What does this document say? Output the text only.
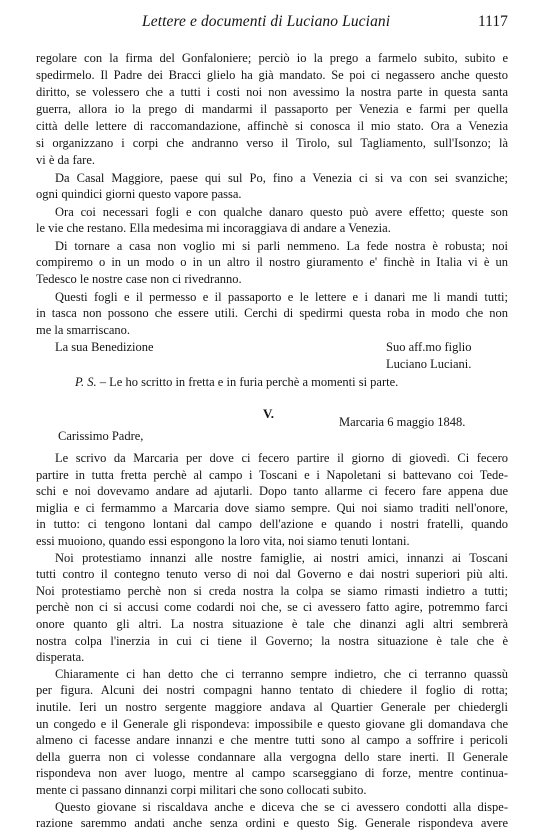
Lettere e documenti di Luciano Luciani	1117
regolare con la firma del Gonfaloniere; perciò io la prego a farmelo subito, subito e
spedirmelo. Il Padre dei Bracci glielo ha già mandato. Se poi ci negassero anche questo
diritto, se volessero che a tutti i costi noi non avessimo la nostra parte in questa santa
guerra, allora io la prego di mandarmi il passaporto per Venezia e farmi per quella
città delle lettere di raccomandazione, affinchè si conosca il mio stato. Ora a Venezia
si organizzano i corpi che andranno verso il Tirolo, sul Tagliamento, sull'Isonzo; là
vi è da fare.
Da Casal Maggiore, paese qui sul Po, fino a Venezia ci si va con sei svanziche;
ogni quindici giorni questo vapore passa.
Ora coi necessari fogli e con qualche danaro questo può avere effetto; queste son
le vie che restano. Ella medesima mi incoraggiava di andare a Venezia.
Di tornare a casa non voglio mi si parli nemmeno. La fede nostra è robusta; noi
compiremo o in un modo o in un altro il nostro giuramento e' finchè in Italia vi è un
Tedesco le nostre case non ci rivedranno.
Questi fogli e il permesso e il passaporto e le lettere e i danari me li mandi tutti;
in tasca non possono che essere utili. Cerchi di spedirmi questa roba in modo che non
me la smarriscano.
La sua Benedizione	Suo aff.mo figlio
Luciano Luciani.
P. S. – Le ho scritto in fretta e in furia perchè a momenti si parte.
V.
Marcaria 6 maggio 1848.
Carissimo Padre,
Le scrivo da Marcaria per dove ci fecero partire il giorno di giovedì. Ci fecero
partire in tutta fretta perchè al campo i Toscani e i Napoletani si battevano coi Tede-
schi e noi dovevamo andare ad ajutarli. Dopo tanto allarme ci fecero fare appena due
miglia e ci fermammo a Marcaria dove siamo sempre. Qui noi siamo traditi nell'onore,
in tutto: ci tengono lontani dal campo dell'azione e quando i nostri fratelli, quando
essi muoiono, quando essi espongono la loro vita, noi siamo tenuti lontani.
Noi protestiamo innanzi alle nostre famiglie, ai nostri amici, innanzi ai Toscani
tutti contro il contegno tenuto verso di noi dal Governo e dai nostri superiori più alti.
Noi protestiamo perchè non si creda nostra la colpa se siamo rimasti indietro a tutti;
perchè non ci si accusi come codardi noi che, se ci avessero fatto agire, potremmo farci
onore quanto gli altri. La nostra situazione è tale che dinanzi agli altri sembrerà
nostra colpa l'inerzia in cui ci tiene il Governo; la nostra situazione è tale che è
disperata.
Chiaramente ci han detto che ci terranno sempre indietro, che ci terranno quassù
per figura. Alcuni dei nostri compagni hanno tentato di chiedere il foglio di rotta;
inutile. Ieri un nostro sergente maggiore andava al Quartier Generale per chiedergli
un congedo e il Generale gli rispondeva: impossibile e questo giovane gli domandava che
almeno ci facesse andare innanzi e che mentre tutti sono al campo a soffrire i pericoli
della guerra non ci volesse condannare alla vergogna dello stare inerti. Il Generale
rispondeva non aver luogo, mentre al campo scarseggiano di forze, mentre continua-
mente ci passano dinnanzi corpi militari che sono collocati subito.
Questo giovane si riscaldava anche e diceva che se ci avessero condotti alla dispe-
razione saremmo andati anche senza ordini e questo Sig. Generale rispondeva avere
